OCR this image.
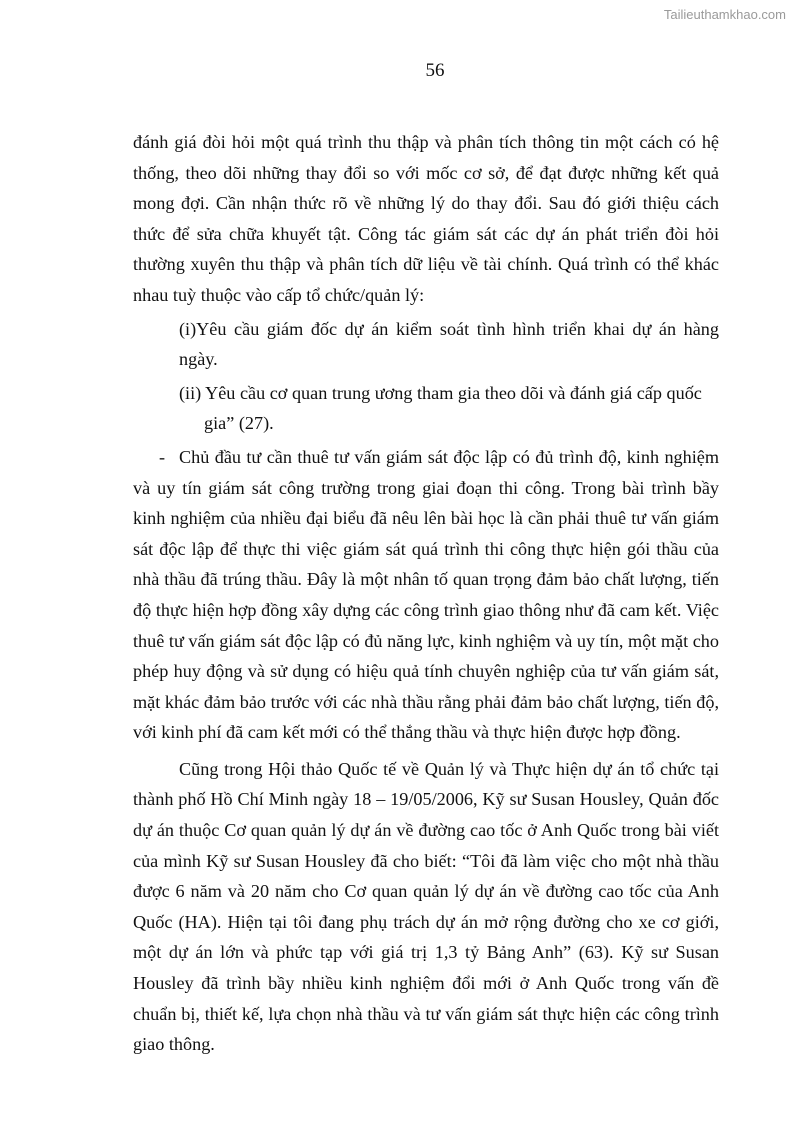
Tailieuthamkhao.com
56

đánh giá đòi hỏi một quá trình thu thập và phân tích thông tin một cách có hệ thống, theo dõi những thay đổi so với mốc cơ sở, để đạt được những kết quả mong đợi. Cần nhận thức rõ về những lý do thay đổi. Sau đó giới thiệu cách thức để sửa chữa khuyết tật. Công tác giám sát các dự án phát triển đòi hỏi thường xuyên thu thập và phân tích dữ liệu về tài chính. Quá trình có thể khác nhau tuỳ thuộc vào cấp tổ chức/quản lý:

(i)Yêu cầu giám đốc dự án kiểm soát tình hình triển khai dự án hàng ngày.

(ii) Yêu cầu cơ quan trung ương tham gia theo dõi và đánh giá cấp quốc
gia” (27).

- Chủ đầu tư cần thuê tư vấn giám sát độc lập có đủ trình độ, kinh nghiệm và uy tín giám sát công trường trong giai đoạn thi công. Trong bài trình bầy kinh nghiệm của nhiều đại biểu đã nêu lên bài học là cần phải thuê tư vấn giám sát độc lập để thực thi việc giám sát quá trình thi công thực hiện gói thầu của nhà thầu đã trúng thầu. Đây là một nhân tố quan trọng đảm bảo chất lượng, tiến độ thực hiện hợp đồng xây dựng các công trình giao thông như đã cam kết. Việc thuê tư vấn giám sát độc lập có đủ năng lực, kinh nghiệm và uy tín, một mặt cho phép huy động và sử dụng có hiệu quả tính chuyên nghiệp của tư vấn giám sát, mặt khác đảm bảo trước với các nhà thầu rằng phải đảm bảo chất lượng, tiến độ, với kinh phí đã cam kết mới có thể thắng thầu và thực hiện được hợp đồng.

Cũng trong Hội thảo Quốc tế về Quản lý và Thực hiện dự án tổ chức tại thành phố Hồ Chí Minh ngày 18 – 19/05/2006, Kỹ sư Susan Housley, Quản đốc dự án thuộc Cơ quan quản lý dự án về đường cao tốc ở Anh Quốc trong bài viết của mình Kỹ sư Susan Housley đã cho biết: “Tôi đã làm việc cho một nhà thầu được 6 năm và 20 năm cho Cơ quan quản lý dự án về đường cao tốc của Anh Quốc (HA). Hiện tại tôi đang phụ trách dự án mở rộng đường cho xe cơ giới, một dự án lớn và phức tạp với giá trị 1,3 tỷ Bảng Anh” (63). Kỹ sư Susan Housley đã trình bầy nhiều kinh nghiệm đổi mới ở Anh Quốc trong vấn đề chuẩn bị, thiết kế, lựa chọn nhà thầu và tư vấn giám sát thực hiện các công trình giao thông.
